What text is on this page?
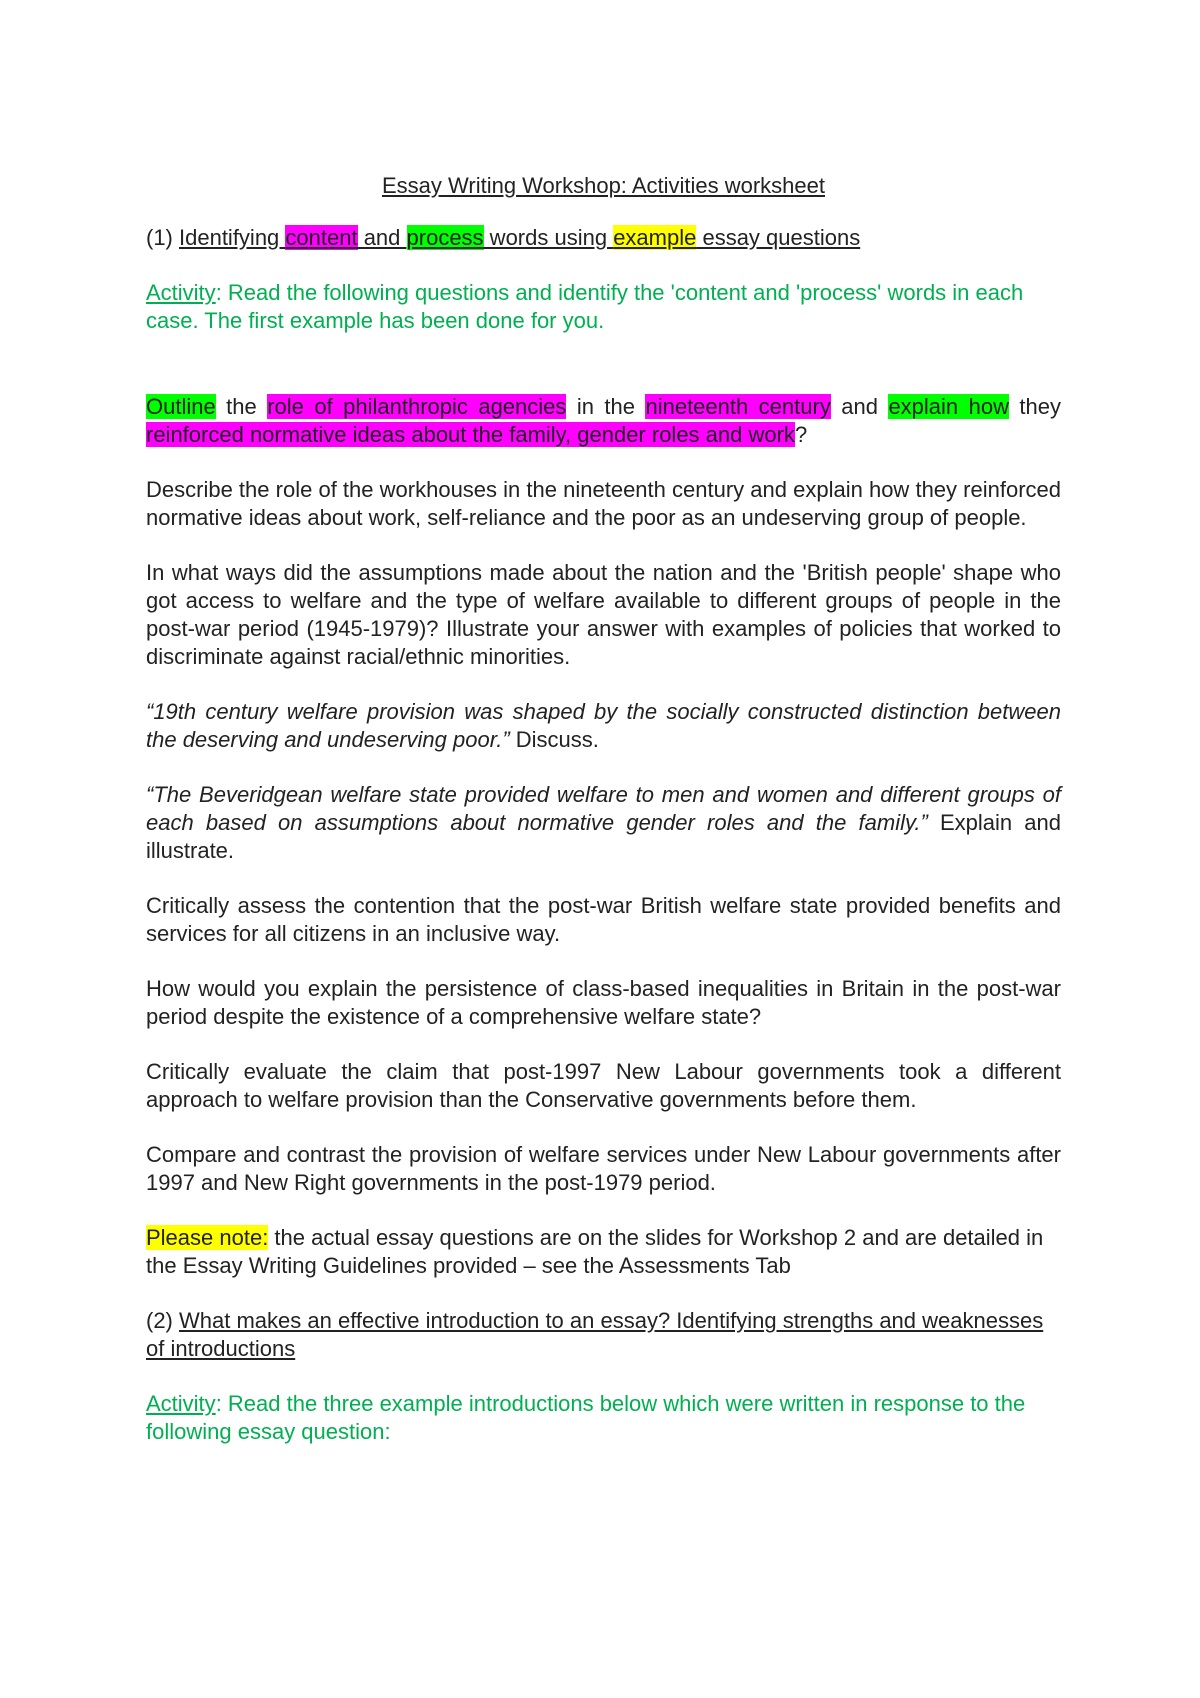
Essay Writing Workshop: Activities worksheet
(1) Identifying content and process words using example essay questions
Activity: Read the following questions and identify the 'content and 'process' words in each case. The first example has been done for you.
Outline the role of philanthropic agencies in the nineteenth century and explain how they reinforced normative ideas about the family, gender roles and work?
Describe the role of the workhouses in the nineteenth century and explain how they reinforced normative ideas about work, self-reliance and the poor as an undeserving group of people.
In what ways did the assumptions made about the nation and the 'British people' shape who got access to welfare and the type of welfare available to different groups of people in the post-war period (1945-1979)? Illustrate your answer with examples of policies that worked to discriminate against racial/ethnic minorities.
“19th century welfare provision was shaped by the socially constructed distinction between the deserving and undeserving poor.” Discuss.
“The Beveridgean welfare state provided welfare to men and women and different groups of each based on assumptions about normative gender roles and the family.” Explain and illustrate.
Critically assess the contention that the post-war British welfare state provided benefits and services for all citizens in an inclusive way.
How would you explain the persistence of class-based inequalities in Britain in the post-war period despite the existence of a comprehensive welfare state?
Critically evaluate the claim that post-1997 New Labour governments took a different approach to welfare provision than the Conservative governments before them.
Compare and contrast the provision of welfare services under New Labour governments after 1997 and New Right governments in the post-1979 period.
Please note: the actual essay questions are on the slides for Workshop 2 and are detailed in the Essay Writing Guidelines provided – see the Assessments Tab
(2) What makes an effective introduction to an essay? Identifying strengths and weaknesses of introductions
Activity: Read the three example introductions below which were written in response to the following essay question:
